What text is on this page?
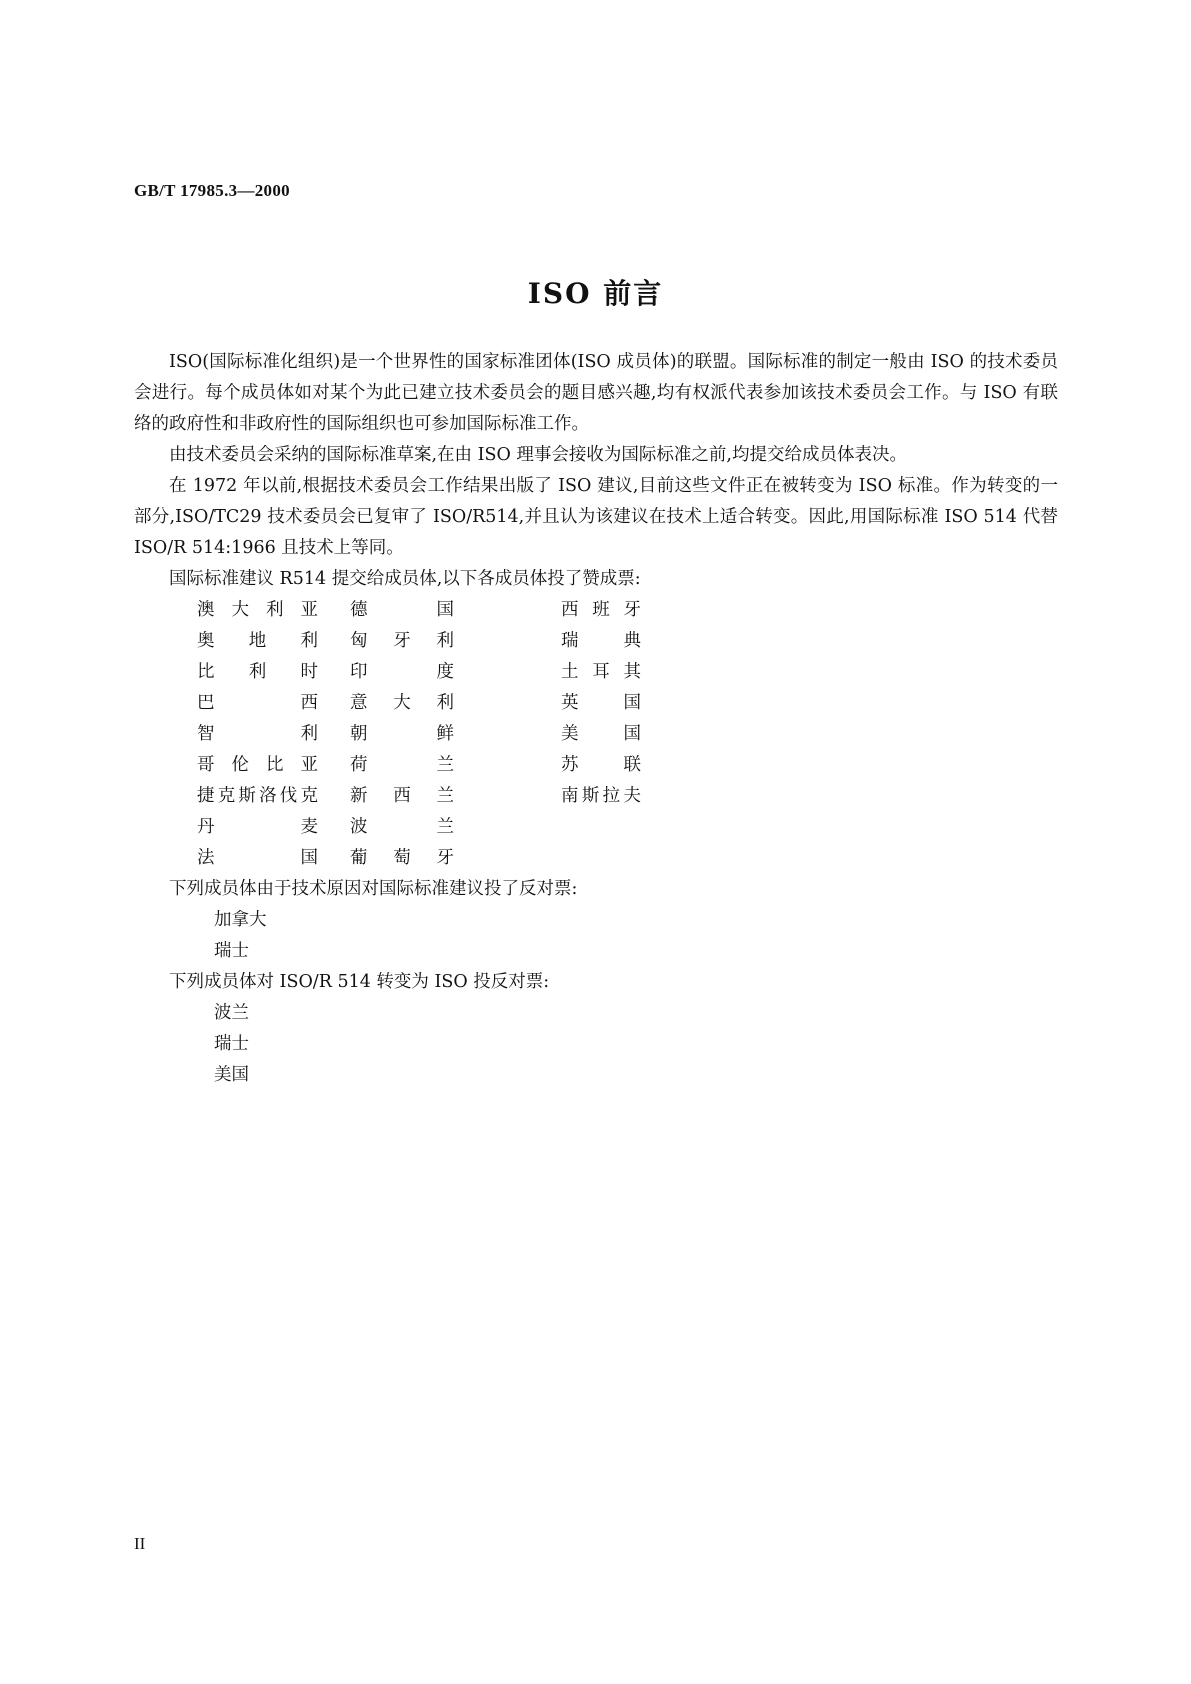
GB/T 17985.3—2000
ISO 前言

ISO(国际标准化组织)是一个世界性的国家标准团体(ISO 成员体)的联盟。国际标准的制定一般由 ISO 的技术委员会进行。每个成员体如对某个为此已建立技术委员会的题目感兴趣,均有权派代表参加该技术委员会工作。与 ISO 有联络的政府性和非政府性的国际组织也可参加国际标准工作。

由技术委员会采纳的国际标准草案,在由 ISO 理事会接收为国际标准之前,均提交给成员体表决。

在 1972 年以前,根据技术委员会工作结果出版了 ISO 建议,目前这些文件正在被转变为 ISO 标准。作为转变的一部分,ISO/TC29 技术委员会已复审了 ISO/R514,并且认为该建议在技术上适合转变。因此,用国际标准 ISO 514 代替 ISO/R 514:1966 且技术上等同。

国际标准建议 R514 提交给成员体,以下各成员体投了赞成票:

澳大利亚
奥地利
比利时
巴西
智利
哥伦比亚
捷克斯洛伐克
丹麦
法国
德国
匈牙利
印度
意大利
朝鲜
荷兰
新西兰
波兰
葡萄牙
西班牙
瑞典
土耳其
英国
美国
苏联
南斯拉夫

下列成员体由于技术原因对国际标准建议投了反对票:

加拿大
瑞士

下列成员体对 ISO/R 514 转变为 ISO 投反对票:

波兰
瑞士
美国
II
